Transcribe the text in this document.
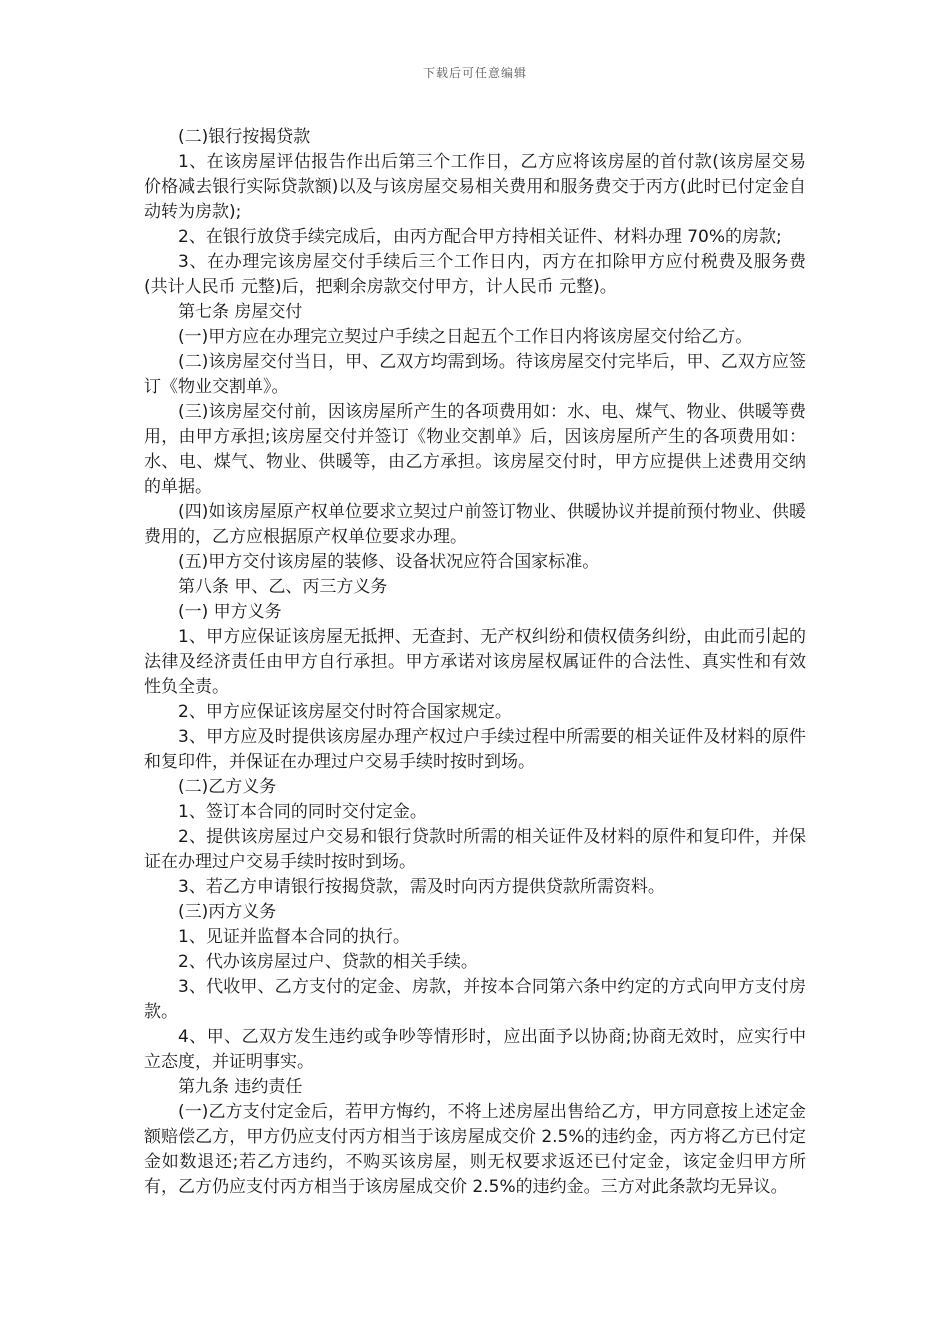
下载后可任意编辑

(二)银行按揭贷款

1、在该房屋评估报告作出后第三个工作日，乙方应将该房屋的首付款(该房屋交易价格减去银行实际贷款额)以及与该房屋交易相关费用和服务费交于丙方(此时已付定金自动转为房款);

2、在银行放贷手续完成后，由丙方配合甲方持相关证件、材料办理 70%的房款;

3、在办理完该房屋交付手续后三个工作日内，丙方在扣除甲方应付税费及服务费(共计人民币 元整)后，把剩余房款交付甲方，计人民币 元整)。

第七条 房屋交付

(一)甲方应在办理完立契过户手续之日起五个工作日内将该房屋交付给乙方。

(二)该房屋交付当日，甲、乙双方均需到场。待该房屋交付完毕后，甲、乙双方应签订《物业交割单》。

(三)该房屋交付前，因该房屋所产生的各项费用如：水、电、煤气、物业、供暖等费用，由甲方承担;该房屋交付并签订《物业交割单》后，因该房屋所产生的各项费用如：水、电、煤气、物业、供暖等，由乙方承担。该房屋交付时，甲方应提供上述费用交纳的单据。

(四)如该房屋原产权单位要求立契过户前签订物业、供暖协议并提前预付物业、供暖费用的，乙方应根据原产权单位要求办理。

(五)甲方交付该房屋的装修、设备状况应符合国家标准。

第八条 甲、乙、丙三方义务

(一) 甲方义务

1、甲方应保证该房屋无抵押、无查封、无产权纠纷和债权债务纠纷，由此而引起的法律及经济责任由甲方自行承担。甲方承诺对该房屋权属证件的合法性、真实性和有效性负全责。

2、甲方应保证该房屋交付时符合国家规定。

3、甲方应及时提供该房屋办理产权过户手续过程中所需要的相关证件及材料的原件和复印件，并保证在办理过户交易手续时按时到场。

(二)乙方义务

1、签订本合同的同时交付定金。

2、提供该房屋过户交易和银行贷款时所需的相关证件及材料的原件和复印件，并保证在办理过户交易手续时按时到场。

3、若乙方申请银行按揭贷款，需及时向丙方提供贷款所需资料。

(三)丙方义务

1、见证并监督本合同的执行。

2、代办该房屋过户、贷款的相关手续。

3、代收甲、乙方支付的定金、房款，并按本合同第六条中约定的方式向甲方支付房款。

4、甲、乙双方发生违约或争吵等情形时，应出面予以协商;协商无效时，应实行中立态度，并证明事实。

第九条 违约责任

(一)乙方支付定金后，若甲方悔约，不将上述房屋出售给乙方，甲方同意按上述定金额赔偿乙方，甲方仍应支付丙方相当于该房屋成交价 2.5%的违约金，丙方将乙方已付定金如数退还;若乙方违约，不购买该房屋，则无权要求返还已付定金，该定金归甲方所有，乙方仍应支付丙方相当于该房屋成交价 2.5%的违约金。三方对此条款均无异议。
